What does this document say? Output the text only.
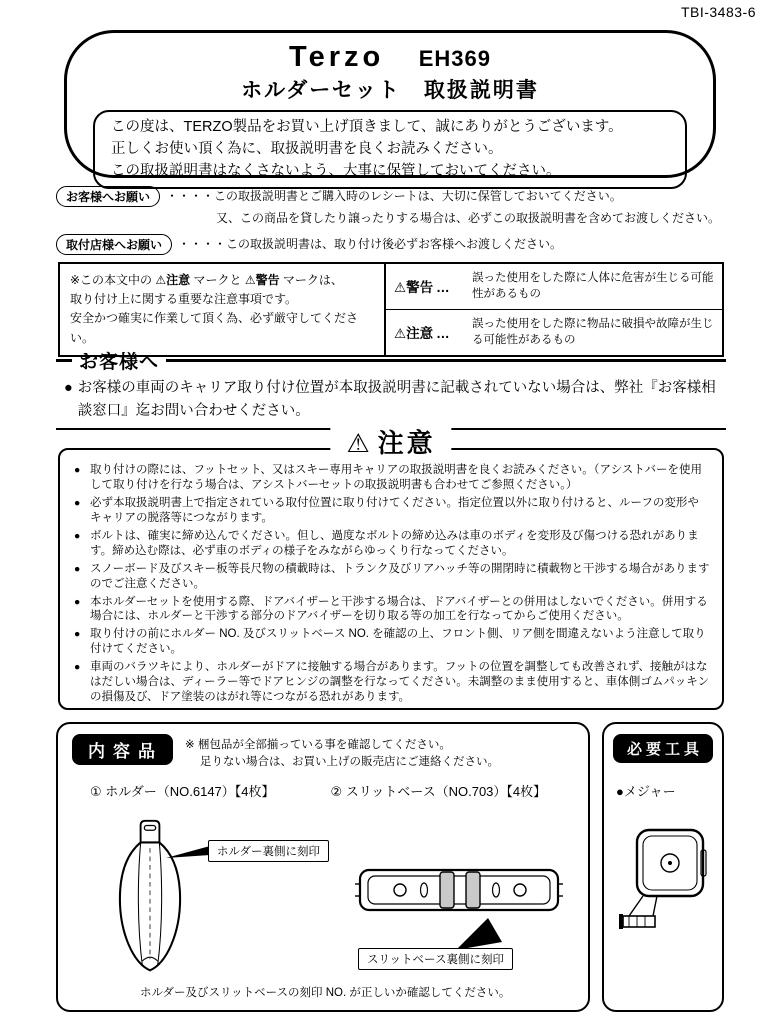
TBI-3483-6
Terzo EH369
ホルダーセット　取扱説明書
この度は、TERZO製品をお買い上げ頂きまして、誠にありがとうございます。
正しくお使い頂く為に、取扱説明書を良くお読みください。
この取扱説明書はなくさないよう、大事に保管しておいてください。
お客様へお願い	・・・・この取扱説明書とご購入時のレシートは、大切に保管しておいてください。
又、この商品を貸したり譲ったりする場合は、必ずこの取扱説明書を含めてお渡しください。
取付店様へお願い	・・・・この取扱説明書は、取り付け後必ずお客様へお渡しください。
※この本文中の ⚠注意 マークと ⚠警告 マークは、
取り付け上に関する重要な注意事項です。
安全かつ確実に作業して頂く為、必ず厳守してください。
⚠警告 …
誤った使用をした際に人体に危害が生じる可能性があるもの
⚠注意 …
誤った使用をした際に物品に破損や故障が生じる可能性があるもの
お客様へ
● お客様の車両のキャリア取り付け位置が本取扱説明書に記載されていない場合は、弊社『お客様相談窓口』迄お問い合わせください。
⚠ 注意
● 取り付けの際には、フットセット、又はスキー専用キャリアの取扱説明書を良くお読みください。（アシストバーを使用して取り付けを行なう場合は、アシストバーセットの取扱説明書も合わせてご参照ください。）
● 必ず本取扱説明書上で指定されている取付位置に取り付けてください。指定位置以外に取り付けると、ルーフの変形やキャリアの脱落等につながります。
● ボルトは、確実に締め込んでください。但し、過度なボルトの締め込みは車のボディを変形及び傷つける恐れがあります。締め込む際は、必ず車のボディの様子をみながらゆっくり行なってください。
● スノーボード及びスキー板等長尺物の積載時は、トランク及びリアハッチ等の開閉時に積載物と干渉する場合がありますのでご注意ください。
● 本ホルダーセットを使用する際、ドアバイザーと干渉する場合は、ドアバイザーとの併用はしないでください。併用する場合には、ホルダーと干渉する部分のドアバイザーを切り取る等の加工を行なってからご使用ください。
● 取り付けの前にホルダー NO. 及びスリットベース NO. を確認の上、フロント側、リア側を間違えないよう注意して取り付けてください。
● 車両のバラツキにより、ホルダーがドアに接触する場合があります。フットの位置を調整しても改善されず、接触がはなはだしい場合は、ディーラー等でドアヒンジの調整を行なってください。未調整のまま使用すると、車体側ゴムパッキンの損傷及び、ドア塗装のはがれ等につながる恐れがあります。
内容品	※ 梱包品が全部揃っている事を確認してください。
足りない場合は、お買い上げの販売店にご連絡ください。
① ホルダー（NO.6147）【4枚】	② スリットベース（NO.703）【4枚】
ホルダー裏側に刻印
スリットベース裏側に刻印
ホルダー及びスリットベースの刻印 NO. が正しいか確認してください。
必要工具
●メジャー
